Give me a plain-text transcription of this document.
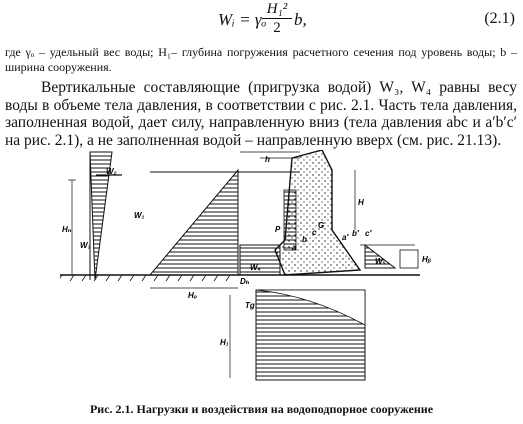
Wᵢ = γₒ
$\frac{\text{H₁²}}{2} b$,	(2.1)
где γₒ – удельный вес воды; H₁– глубина погружения расчетного сечения под уровень воды; b – ширина сооружения.
Вертикальные составляющие (пригрузка водой) W₃, W₄ равны весу воды в объеме тела давления, в соответствии с рис. 2.1. Часть тела давления, заполненная водой, дает силу, направленную вниз (тела давления abc и a′b′c′ на рис. 2.1), а не заполненная водой – направленную вверх (см. рис. 21.13).
W₁
W₂
W₃
W₄
W₅
Hₙ
H
h
Hₒ
H₁
G
a
b
c
a′ b′ c′
P
Dₕ
Tg
Hᵦ
Рис. 2.1. Нагрузки и воздействия на водоподпорное сооружение
